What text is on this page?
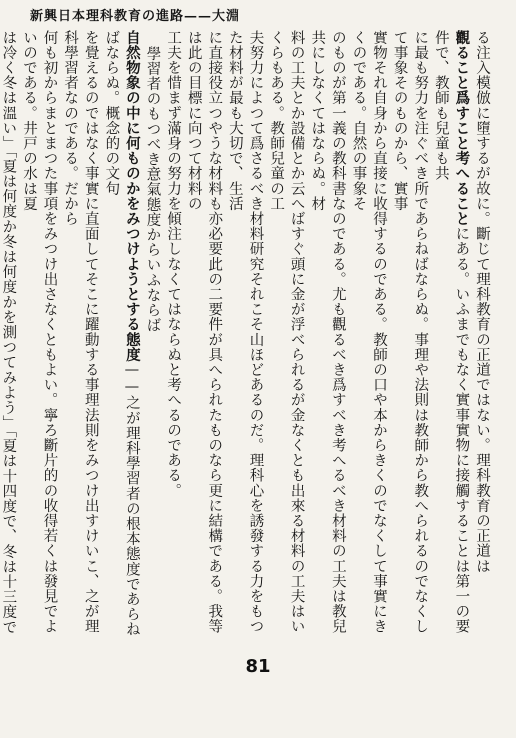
新興日本理科教育の進路——大淵

る注入模倣に墮するが故に。斷じて理科教育の正道ではない。理科教育の正道は

觀ること爲すこと考へることにある。いふまでもなく實事實物に接觸することは第一の要件で、教師も兒童も共

に最も努力を注ぐべき所であらねばならぬ。事理や法則は教師から教へられるのでなくして事象そのものから、實事

實物それ自身から直接に收得するのである。教師の口や本からきくのでなくして事實にきくのである。自然の事象そ

のものが第一義の教科書なのである。尤も觀るべき爲すべき考へるべき材料の工夫は教兒共にしなくてはならぬ。材

料の工夫とか設備とか云へばすぐ頭に金が浮べられるが金なくとも出來る材料の工夫はいくらもある。教師兒童の工

夫努力によつて爲さるべき材料研究それこそ山ほどあるのだ。理科心を誘發する力をもつた材料が最も大切で、生活

に直接役立つやうな材料も亦必要此の二要件が具へられたものなら更に結構である。我等は此の目標に向つて材料の

工夫を惜まず滿身の努力を傾注しなくてはならぬと考へるのである。

學習者のもつべき意氣態度からいふならば

自然物象の中に何ものかをみつけようとする態度——之が理科學習者の根本態度であらねばならぬ。概念的の文句

を覺えるのではなく事實に直面してそこに躍動する事理法則をみつけ出すけいこ、之が理科學習者なのである。だから

何も初からまとまつた事項をみつけ出さなくともよい。寧ろ斷片的の收得若くは發見でよいのである。井戸の水は夏

は冷く冬は溫い」「夏は何度か冬は何度かを測つてみよう」「夏は十四度で、冬は十三度で

81
